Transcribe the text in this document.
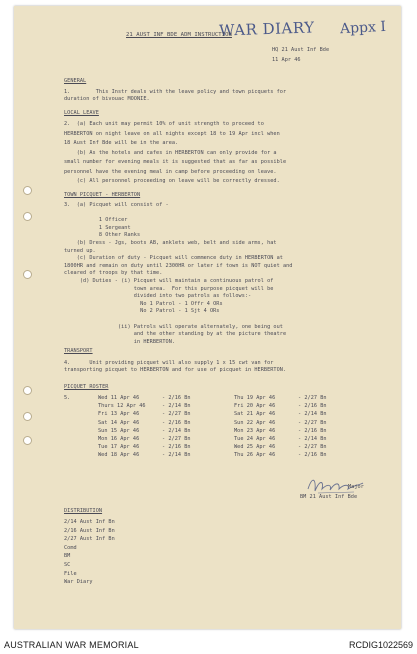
WAR DIARY Appx I
21 AUST INF BDE ADM INSTRUCTION
HQ 21 Aust Inf Bde
11 Apr 46
GENERAL
1.        This Instr deals with the leave policy and town picquets for
duration of bivouac MOONIE.
LOCAL LEAVE
2.  (a) Each unit may permit 10% of unit strength to proceed to
HERBERTON on night leave on all nights except 18 to 19 Apr incl when
18 Aust Inf Bde will be in the area.
(b) As the hotels and cafes in HERBERTON can only provide for a
small number for evening meals it is suggested that as far as possible
personnel have the evening meal in camp before proceeding on leave.
(c) All personnel proceeding on leave will be correctly dressed.
TOWN PICQUET - HERBERTON
3.  (a) Picquet will consist of -
1 Officer
1 Sergeant
8 Other Ranks
(b) Dress - Jgs, boots AB, anklets web, belt and side arms, hat
turned up.
(c) Duration of duty - Picquet will commence duty in HERBERTON at
1800HR and remain on duty until 2300HR or later if town is NOT quiet and
cleared of troops by that time.
(d) Duties - (i) Picquet will maintain a continuous patrol of
town area.  For this purpose picquet will be
divided into two patrols as follows:-
No 1 Patrol - 1 Offr 4 ORs
No 2 Patrol - 1 Sjt 4 ORs
(ii) Patrols will operate alternately, one being out
and the other standing by at the picture theatre
in HERBERTON.
TRANSPORT
4.      Unit providing picquet will also supply 1 x 15 cwt van for
transporting picquet to HERBERTON and for use of picquet in HERBERTON.
PICQUET ROSTER
5.	Wed 11 Apr 46	- 2/16 Bn
Thurs 12 Apr 46	- 2/14 Bn
Fri 13 Apr 46	- 2/27 Bn
Sat 14 Apr 46	- 2/16 Bn
Sun 15 Apr 46	- 2/14 Bn
Mon 16 Apr 46	- 2/27 Bn
Tue 17 Apr 46	- 2/16 Bn
Wed 18 Apr 46	- 2/14 Bn
Thu 19 Apr 46	- 2/27 Bn
Fri 20 Apr 46	- 2/16 Bn
Sat 21 Apr 46	- 2/14 Bn
Sun 22 Apr 46	- 2/27 Bn
Mon 23 Apr 46	- 2/16 Bn
Tue 24 Apr 46	- 2/14 Bn
Wed 25 Apr 46	- 2/27 Bn
Thu 26 Apr 46	- 2/16 Bn
Major
BM 21 Aust Inf Bde
DISTRIBUTION
2/14 Aust Inf Bn
2/16 Aust Inf Bn
2/27 Aust Inf Bn
Comd
BM
SC
File
War Diary
AUSTRALIAN WAR MEMORIAL	RCDIG1022569
